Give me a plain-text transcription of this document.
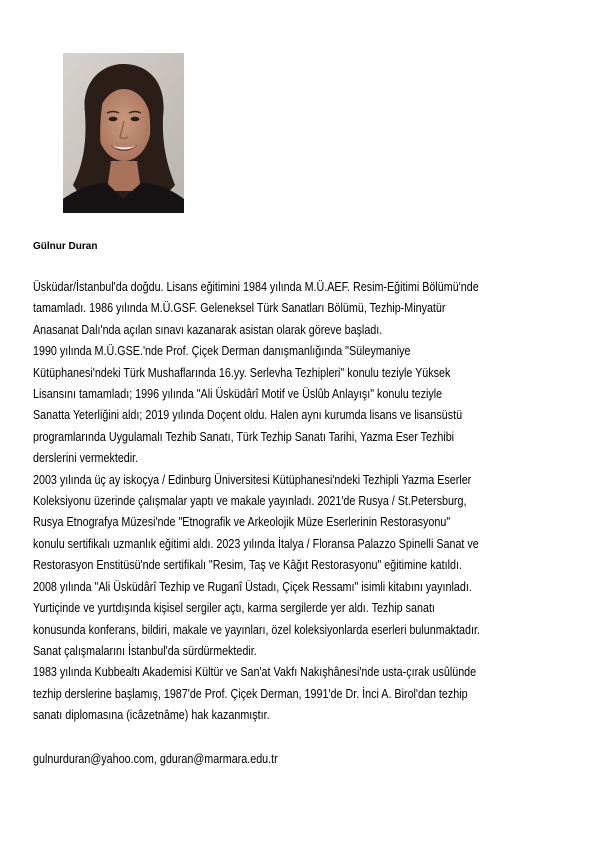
Gülnur Duran

Üsküdar/İstanbul'da doğdu. Lisans eğitimini 1984 yılında M.Ü.AEF. Resim-Eğitimi Bölümü'nde

tamamladı. 1986 yılında M.Ü.GSF. Geleneksel Türk Sanatları Bölümü, Tezhip-Minyatür

Anasanat Dalı'nda açılan sınavı kazanarak asistan olarak göreve başladı.

1990 yılında M.Ü.GSE.'nde Prof. Çiçek Derman danışmanlığında "Süleymaniye

Kütüphanesi'ndeki Türk Mushaflarında 16.yy. Serlevha Tezhipleri" konulu teziyle Yüksek

Lisansını tamamladı; 1996 yılında "Ali Üsküdârî Motif ve Üslûb Anlayışı" konulu teziyle

Sanatta Yeterliğini aldı; 2019 yılında Doçent oldu. Halen aynı kurumda lisans ve lisansüstü

programlarında Uygulamalı Tezhib Sanatı, Türk Tezhip Sanatı Tarihi, Yazma Eser Tezhibi

derslerini vermektedir.

2003 yılında üç ay iskoçya / Edinburg Üniversitesi Kütüphanesi'ndeki Tezhipli Yazma Eserler

Koleksiyonu üzerinde çalışmalar yaptı ve makale yayınladı. 2021'de Rusya / St.Petersburg,

Rusya Etnografya Müzesi'nde "Etnografik ve Arkeolojik Müze Eserlerinin Restorasyonu"

konulu sertifikalı uzmanlık eğitimi aldı. 2023 yılında İtalya / Floransa Palazzo Spinelli Sanat ve

Restorasyon Enstitüsü'nde sertifikalı "Resim, Taş ve Kâğıt Restorasyonu" eğitimine katıldı.

2008 yılında "Ali Üsküdârî Tezhip ve Ruganî Üstadı, Çiçek Ressamı" isimli kitabını yayınladı.

Yurtiçinde ve yurtdışında kişisel sergiler açtı, karma sergilerde yer aldı. Tezhip sanatı

konusunda konferans, bildiri, makale ve yayınları, özel koleksiyonlarda eserleri bulunmaktadır.

Sanat çalışmalarını İstanbul'da sürdürmektedir.

1983 yılında Kubbealtı Akademisi Kültür ve San'at Vakfı Nakışhânesi'nde usta-çırak usûlünde

tezhip derslerine başlamış, 1987'de Prof. Çiçek Derman, 1991'de Dr. İnci A. Birol'dan tezhip

sanatı diplomasına (icâzetnâme) hak kazanmıştır.

gulnurduran@yahoo.com, gduran@marmara.edu.tr
